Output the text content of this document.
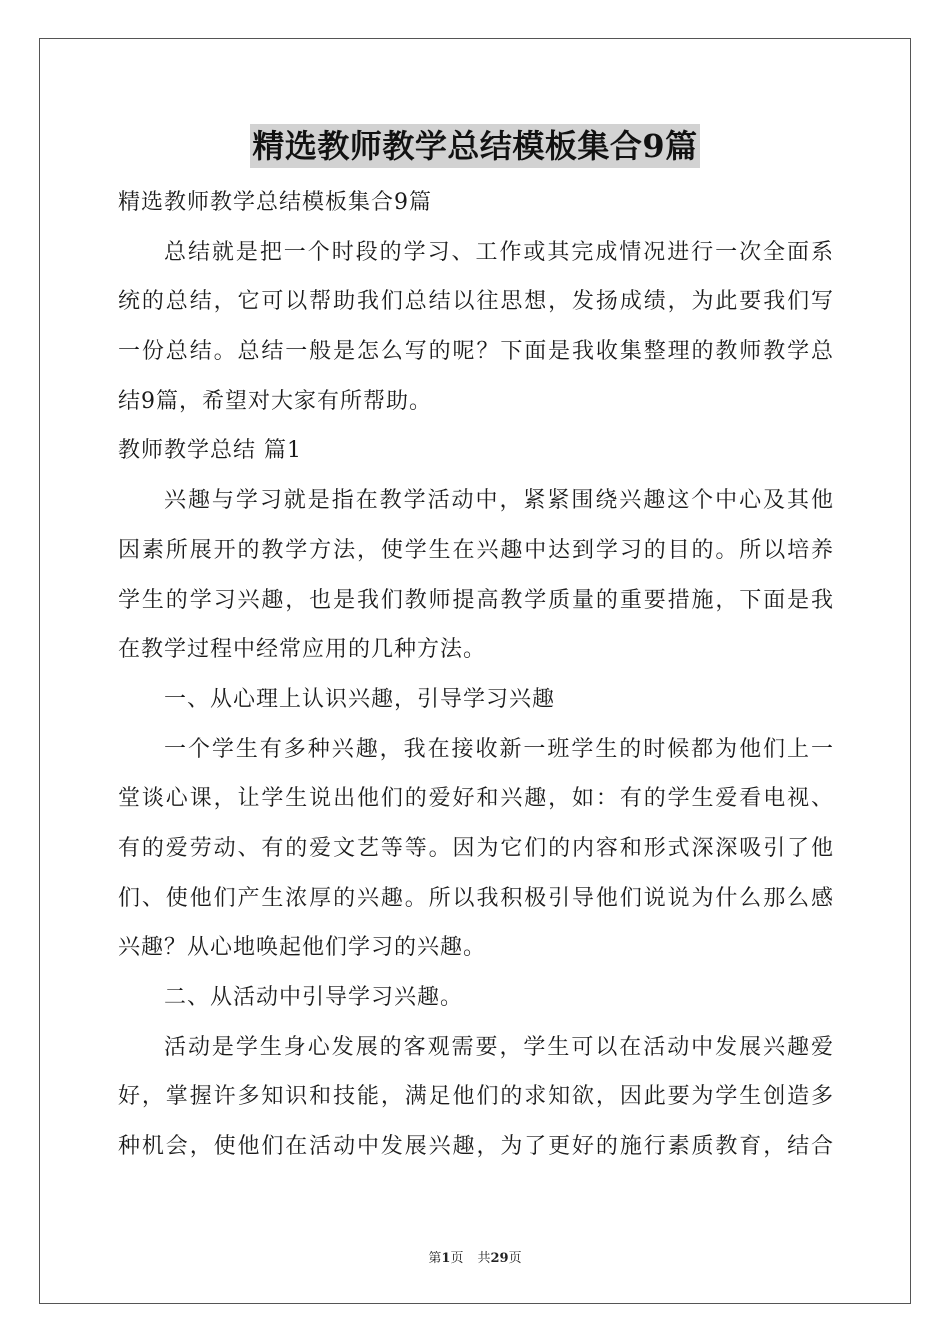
精选教师教学总结模板集合9篇
精选教师教学总结模板集合9篇
总结就是把一个时段的学习、工作或其完成情况进行一次全面系
统的总结，它可以帮助我们总结以往思想，发扬成绩，为此要我们写
一份总结。总结一般是怎么写的呢？下面是我收集整理的教师教学总
结9篇，希望对大家有所帮助。
教师教学总结 篇1
兴趣与学习就是指在教学活动中，紧紧围绕兴趣这个中心及其他
因素所展开的教学方法，使学生在兴趣中达到学习的目的。所以培养
学生的学习兴趣，也是我们教师提高教学质量的重要措施，下面是我
在教学过程中经常应用的几种方法。
一、从心理上认识兴趣，引导学习兴趣
一个学生有多种兴趣，我在接收新一班学生的时候都为他们上一
堂谈心课，让学生说出他们的爱好和兴趣，如：有的学生爱看电视、
有的爱劳动、有的爱文艺等等。因为它们的内容和形式深深吸引了他
们、使他们产生浓厚的兴趣。所以我积极引导他们说说为什么那么感
兴趣？从心地唤起他们学习的兴趣。
二、从活动中引导学习兴趣。
活动是学生身心发展的客观需要，学生可以在活动中发展兴趣爱
好，掌握许多知识和技能，满足他们的求知欲，因此要为学生创造多
种机会，使他们在活动中发展兴趣，为了更好的施行素质教育，结合
第1页 共29页
